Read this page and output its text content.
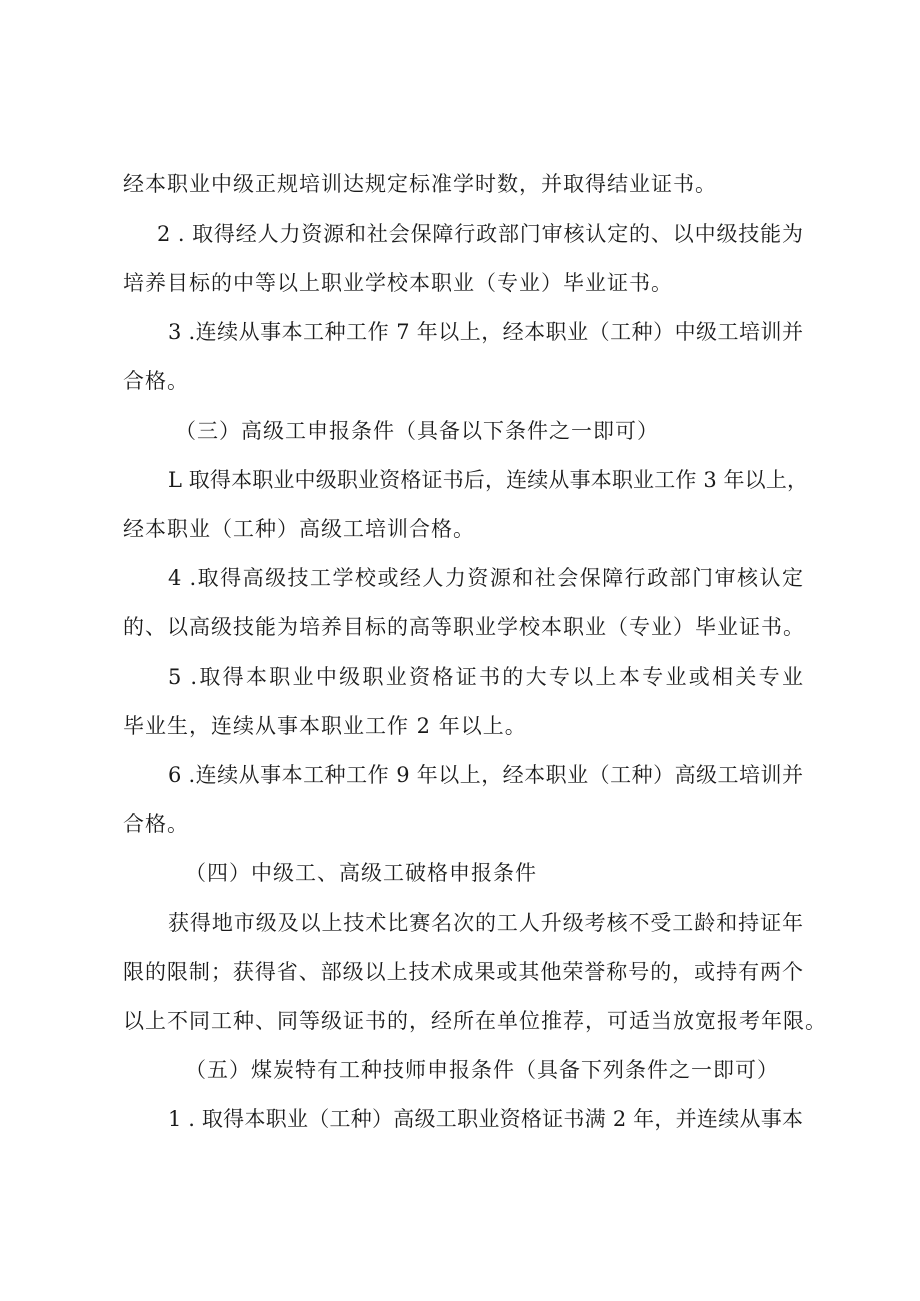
经本职业中级正规培训达规定标准学时数，并取得结业证书。
2 . 取得经人力资源和社会保障行政部门审核认定的、以中级技能为
培养目标的中等以上职业学校本职业（专业）毕业证书。
3 .连续从事本工种工作 7 年以上，经本职业（工种）中级工培训并
合格。
（三）高级工申报条件（具备以下条件之一即可）
L 取得本职业中级职业资格证书后，连续从事本职业工作 3 年以上，
经本职业（工种）高级工培训合格。
4 .取得高级技工学校或经人力资源和社会保障行政部门审核认定
的、以高级技能为培养目标的高等职业学校本职业（专业）毕业证书。
5 .取得本职业中级职业资格证书的大专以上本专业或相关专业
毕业生，连续从事本职业工作 2 年以上。
6 .连续从事本工种工作 9 年以上，经本职业（工种）高级工培训并
合格。
（四）中级工、高级工破格申报条件
获得地市级及以上技术比赛名次的工人升级考核不受工龄和持证年
限的限制；获得省、部级以上技术成果或其他荣誉称号的，或持有两个
以上不同工种、同等级证书的，经所在单位推荐，可适当放宽报考年限。
（五）煤炭特有工种技师申报条件（具备下列条件之一即可）
1 . 取得本职业（工种）高级工职业资格证书满 2 年，并连续从事本
